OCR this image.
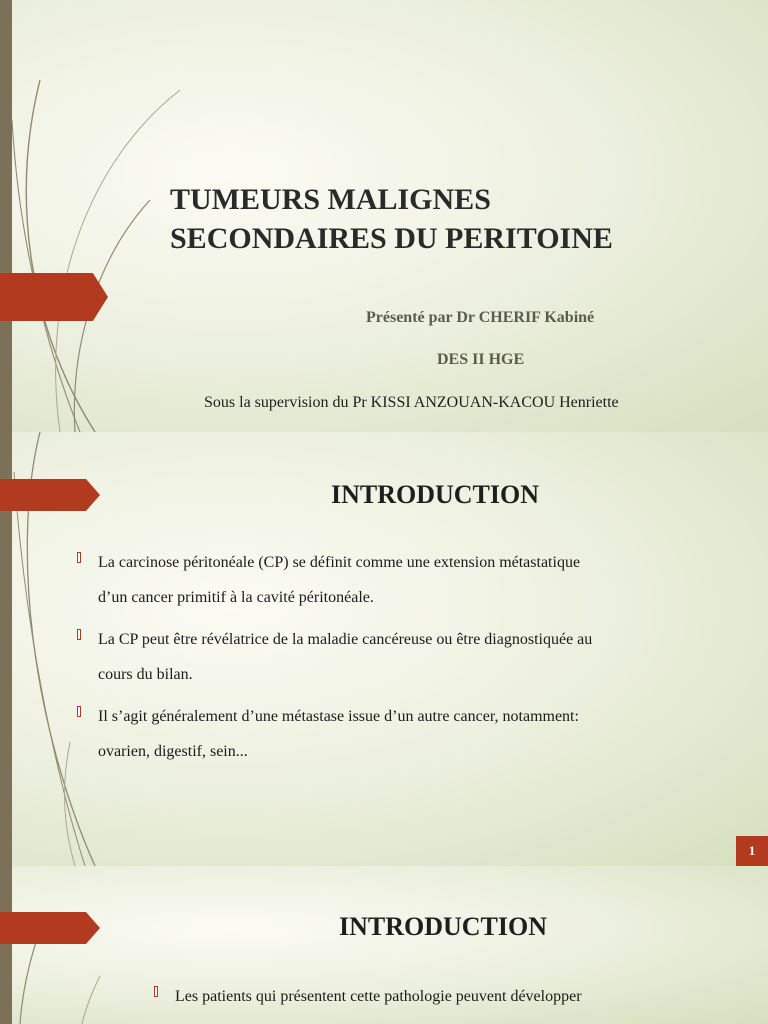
TUMEURS MALIGNES
SECONDAIRES DU PERITOINE

Présenté par Dr CHERIF Kabiné

DES II HGE

Sous la supervision du Pr KISSI ANZOUAN-KACOU Henriette

INTRODUCTION
La carcinose péritonéale (CP) se définit comme une extension métastatique
d’un cancer primitif à la cavité péritonéale.
La CP peut être révélatrice de la maladie cancéreuse ou être diagnostiquée au
cours du bilan.
Il s’agit généralement d’une métastase issue d’un autre cancer, notamment:
ovarien, digestif, sein...
1
INTRODUCTION
Les patients qui présentent cette pathologie peuvent développer
